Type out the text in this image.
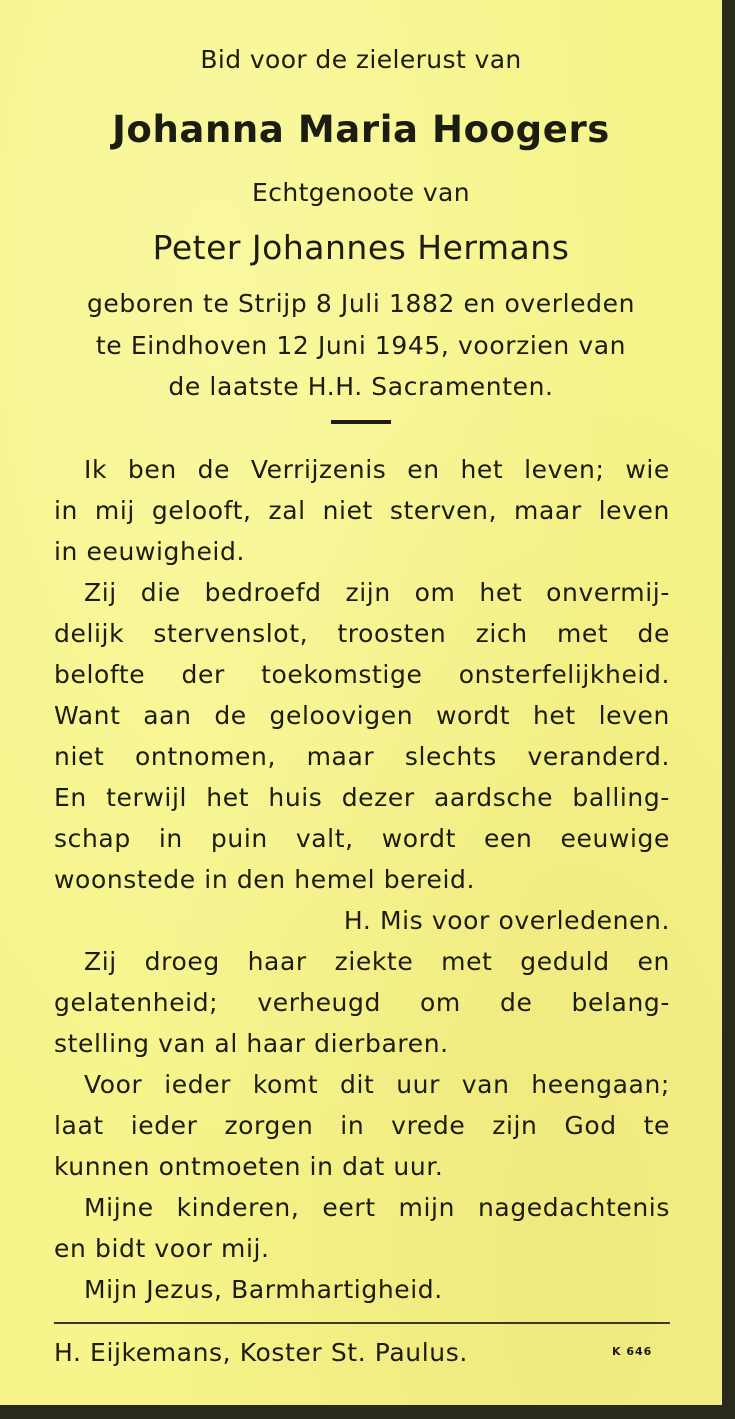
Bid voor de zielerust van
Johanna Maria Hoogers
Echtgenoote van
Peter Johannes Hermans
geboren te Strijp 8 Juli 1882 en overleden
te Eindhoven 12 Juni 1945, voorzien van
de laatste H.H. Sacramenten.
Ik ben de Verrijzenis en het leven; wie
in mij gelooft, zal niet sterven, maar leven
in eeuwigheid.
Zij die bedroefd zijn om het onvermij-
delijk stervenslot, troosten zich met de
belofte der toekomstige onsterfelijkheid.
Want aan de geloovigen wordt het leven
niet ontnomen, maar slechts veranderd.
En terwijl het huis dezer aardsche balling-
schap in puin valt, wordt een eeuwige
woonstede in den hemel bereid.
H. Mis voor overledenen.
Zij droeg haar ziekte met geduld en
gelatenheid; verheugd om de belang-
stelling van al haar dierbaren.
Voor ieder komt dit uur van heengaan;
laat ieder zorgen in vrede zijn God te
kunnen ontmoeten in dat uur.
Mijne kinderen, eert mijn nagedachtenis
en bidt voor mij.
Mijn Jezus, Barmhartigheid.
H. Eijkemans, Koster St. Paulus.	K 646
